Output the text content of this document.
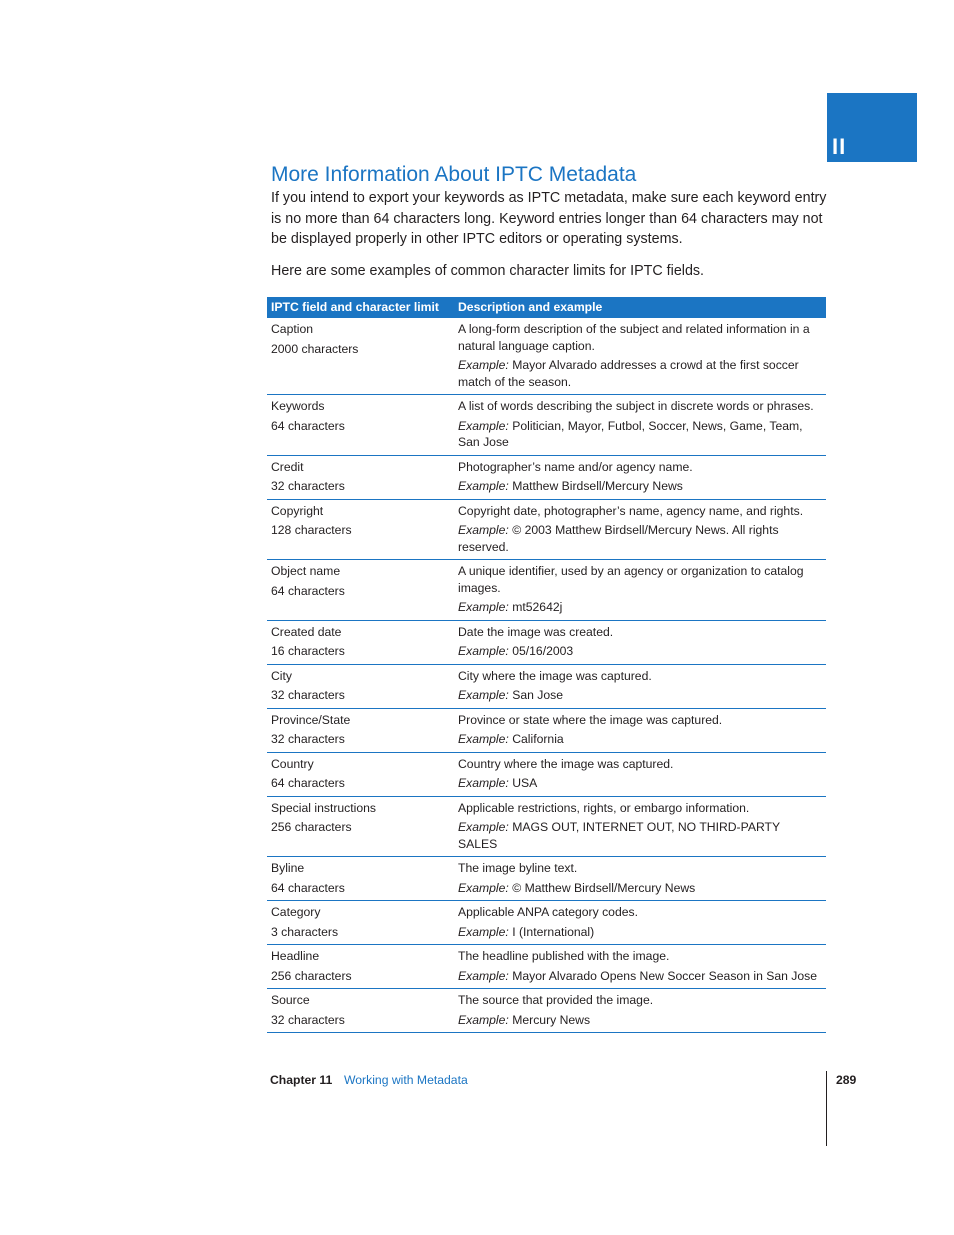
II
More Information About IPTC Metadata

If you intend to export your keywords as IPTC metadata, make sure each keyword entry is no more than 64 characters long. Keyword entries longer than 64 characters may not be displayed properly in other IPTC editors or operating systems.

Here are some examples of common character limits for IPTC fields.

IPTC field and character limit	Description and example

Caption
2000 characters	A long-form description of the subject and related information in a natural language caption.
Example: Mayor Alvarado addresses a crowd at the first soccer match of the season.

Keywords
64 characters	A list of words describing the subject in discrete words or phrases.
Example: Politician, Mayor, Futbol, Soccer, News, Game, Team, San Jose

Credit
32 characters	Photographer’s name and/or agency name.
Example: Matthew Birdsell/Mercury News

Copyright
128 characters	Copyright date, photographer’s name, agency name, and rights.
Example: © 2003 Matthew Birdsell/Mercury News. All rights reserved.

Object name
64 characters	A unique identifier, used by an agency or organization to catalog images.
Example: mt52642j

Created date
16 characters	Date the image was created.
Example: 05/16/2003

City
32 characters	City where the image was captured.
Example: San Jose

Province/State
32 characters	Province or state where the image was captured.
Example: California

Country
64 characters	Country where the image was captured.
Example: USA

Special instructions
256 characters	Applicable restrictions, rights, or embargo information.
Example: MAGS OUT, INTERNET OUT, NO THIRD-PARTY SALES

Byline
64 characters	The image byline text.
Example: © Matthew Birdsell/Mercury News

Category
3 characters	Applicable ANPA category codes.
Example: I (International)

Headline
256 characters	The headline published with the image.
Example: Mayor Alvarado Opens New Soccer Season in San Jose

Source
32 characters	The source that provided the image.
Example: Mercury News
Chapter 11 Working with Metadata	289
